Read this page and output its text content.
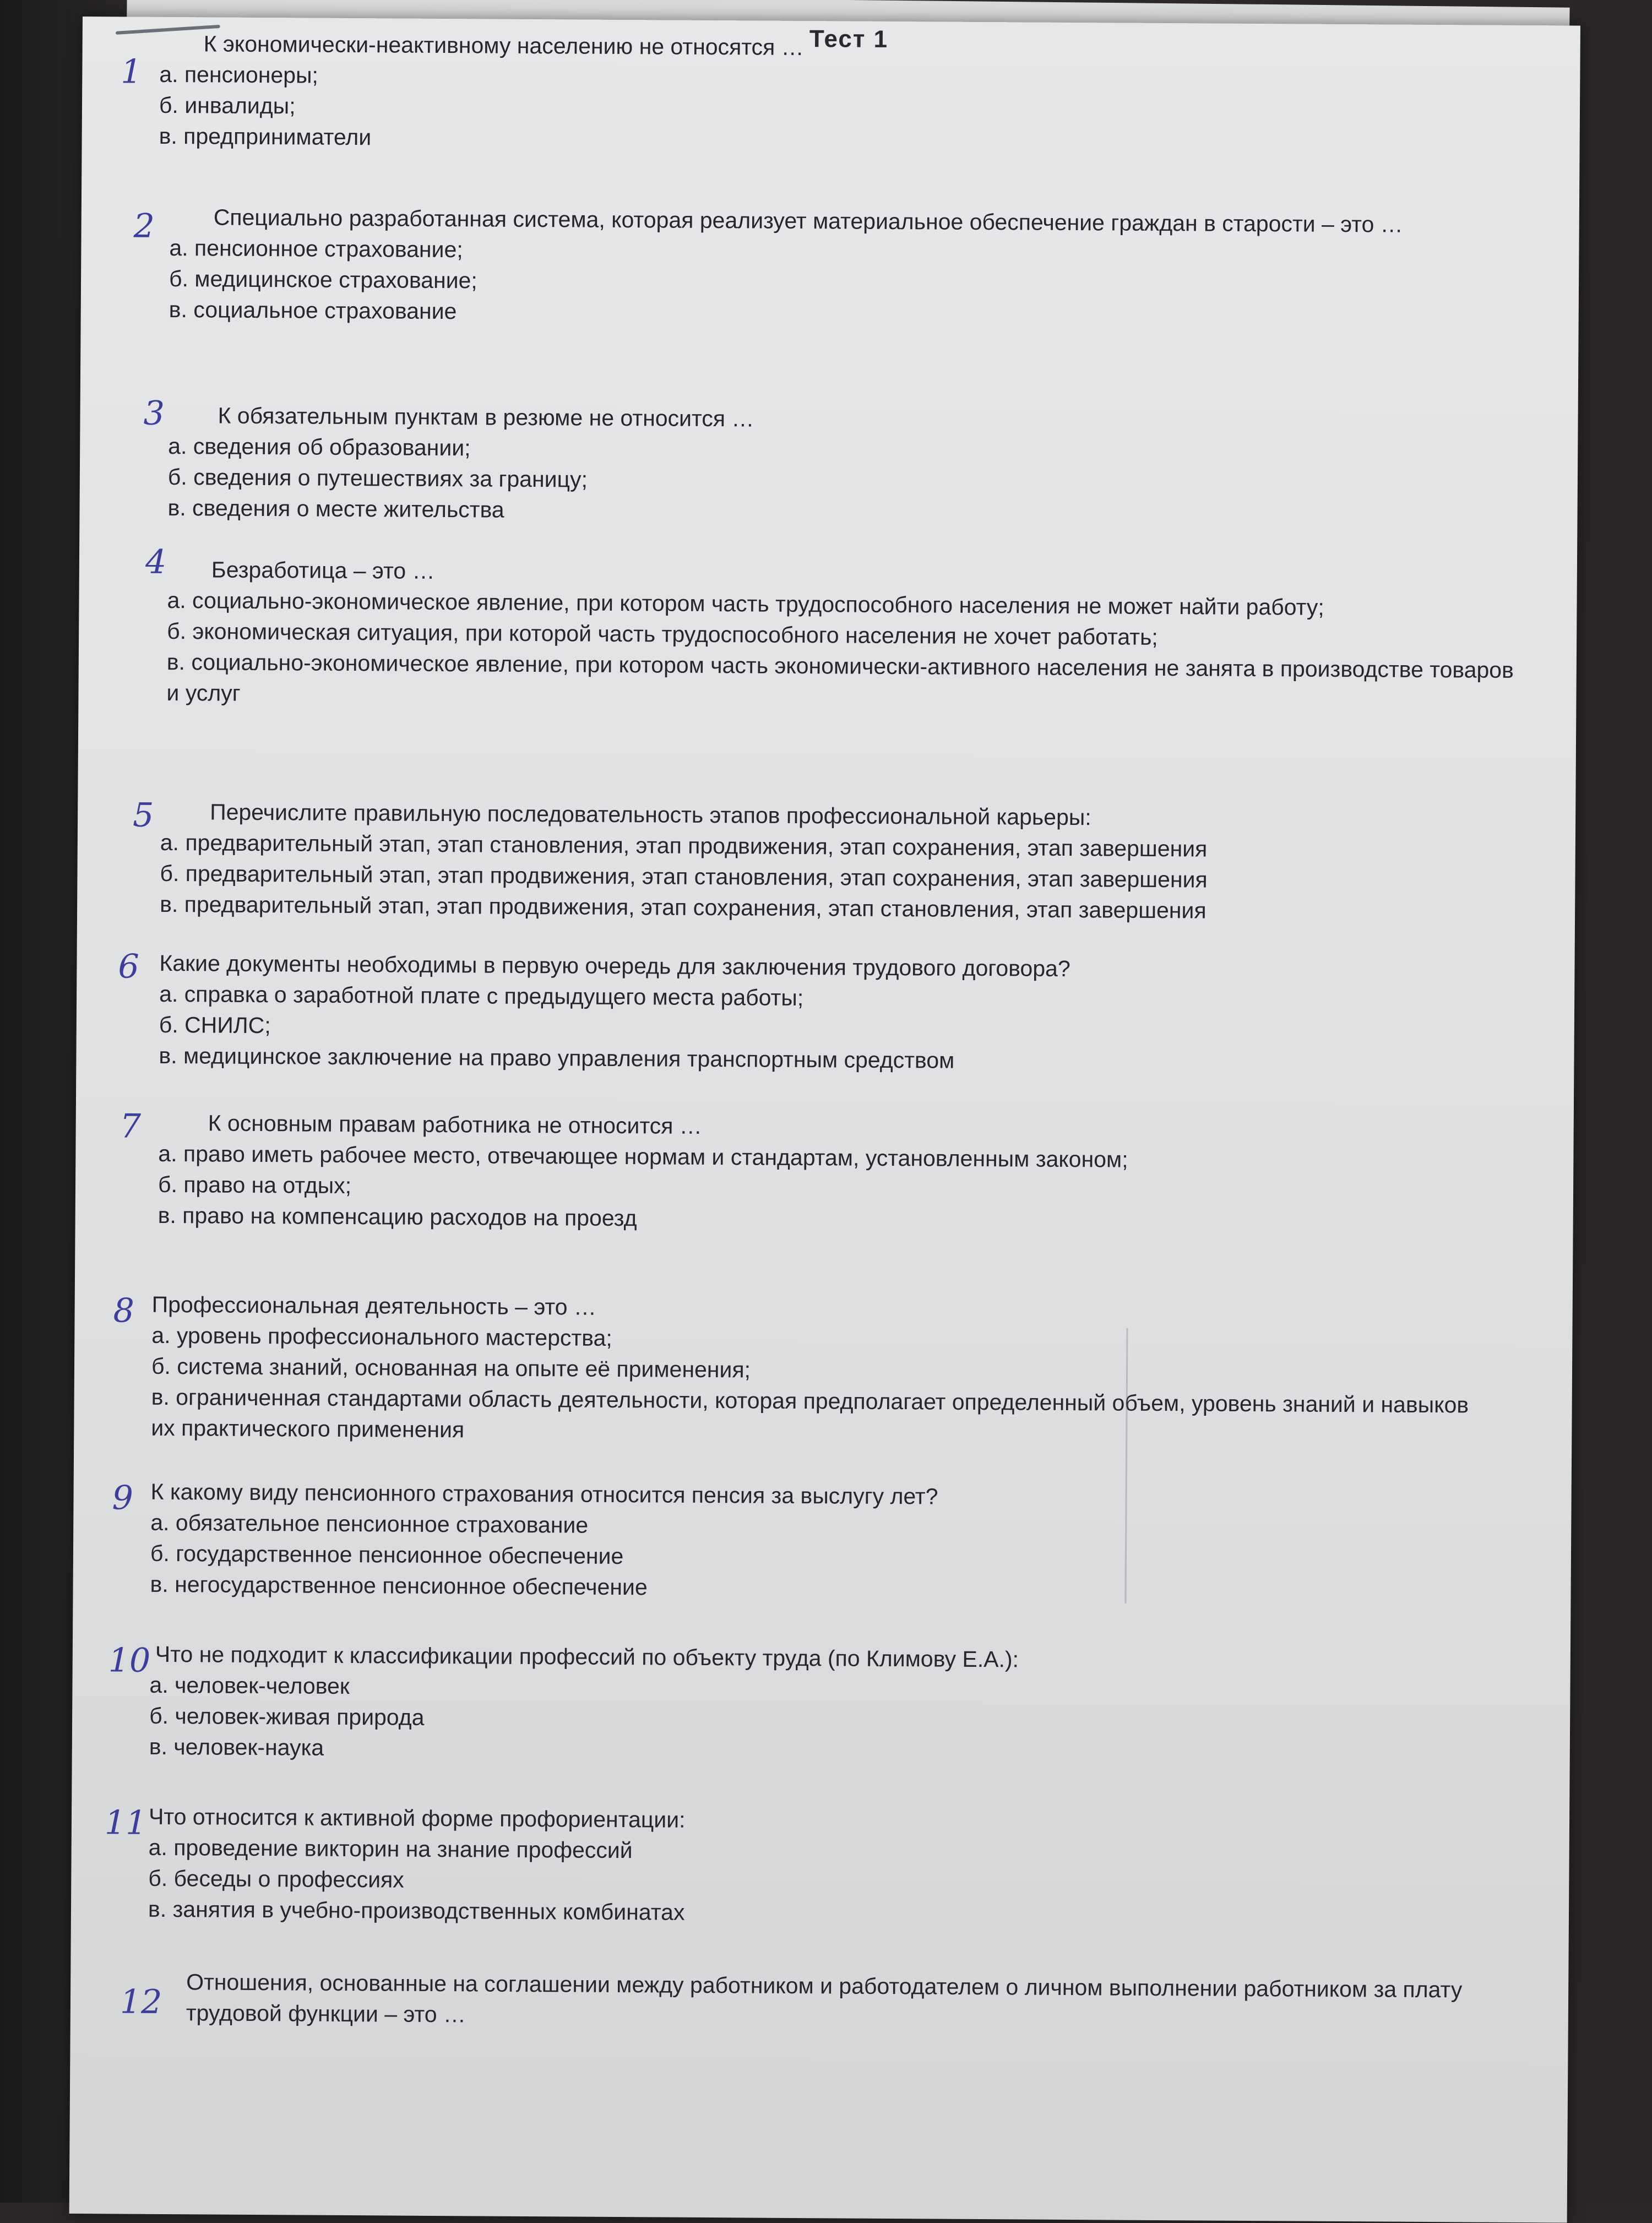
Тест 1
1
К экономически-неактивному населению не относятся …
а. пенсионеры;
б. инвалиды;
в. предприниматели
2	Специально разработанная система, которая реализует материальное обеспечение граждан в старости – это …
а. пенсионное страхование;
б. медицинское страхование;
в. социальное страхование
3	К обязательным пунктам в резюме не относится …
а. сведения об образовании;
б. сведения о путешествиях за границу;
в. сведения о месте жительства
4	Безработица – это …
а. социально-экономическое явление, при котором часть трудоспособного населения не может найти работу;
б. экономическая ситуация, при которой часть трудоспособного населения не хочет работать;
в. социально-экономическое явление, при котором часть экономически-активного населения не занята в производстве товаров и услуг
5	Перечислите правильную последовательность этапов профессиональной карьеры:
а. предварительный этап, этап становления, этап продвижения, этап сохранения, этап завершения
б. предварительный этап, этап продвижения, этап становления, этап сохранения, этап завершения
в. предварительный этап, этап продвижения, этап сохранения, этап становления, этап завершения
6 Какие документы необходимы в первую очередь для заключения трудового договора?
а. справка о заработной плате с предыдущего места работы;
б. СНИЛС;
в. медицинское заключение на право управления транспортным средством
7	К основным правам работника не относится …
а. право иметь рабочее место, отвечающее нормам и стандартам, установленным законом;
б. право на отдых;
в. право на компенсацию расходов на проезд
8 Профессиональная деятельность – это …
а. уровень профессионального мастерства;
б. система знаний, основанная на опыте её применения;
в. ограниченная стандартами область деятельности, которая предполагает определенный объем, уровень знаний и навыков их практического применения
9 К какому виду пенсионного страхования относится пенсия за выслугу лет?
а. обязательное пенсионное страхование
б. государственное пенсионное обеспечение
в. негосударственное пенсионное обеспечение
10 Что не подходит к классификации профессий по объекту труда (по Климову Е.А.):
а. человек-человек
б. человек-живая природа
в. человек-наука
11 Что относится к активной форме профориентации:
а. проведение викторин на знание профессий
б. беседы о профессиях
в. занятия в учебно-производственных комбинатах
12 Отношения, основанные на соглашении между работником и работодателем о личном выполнении работником за плату трудовой функции – это …
